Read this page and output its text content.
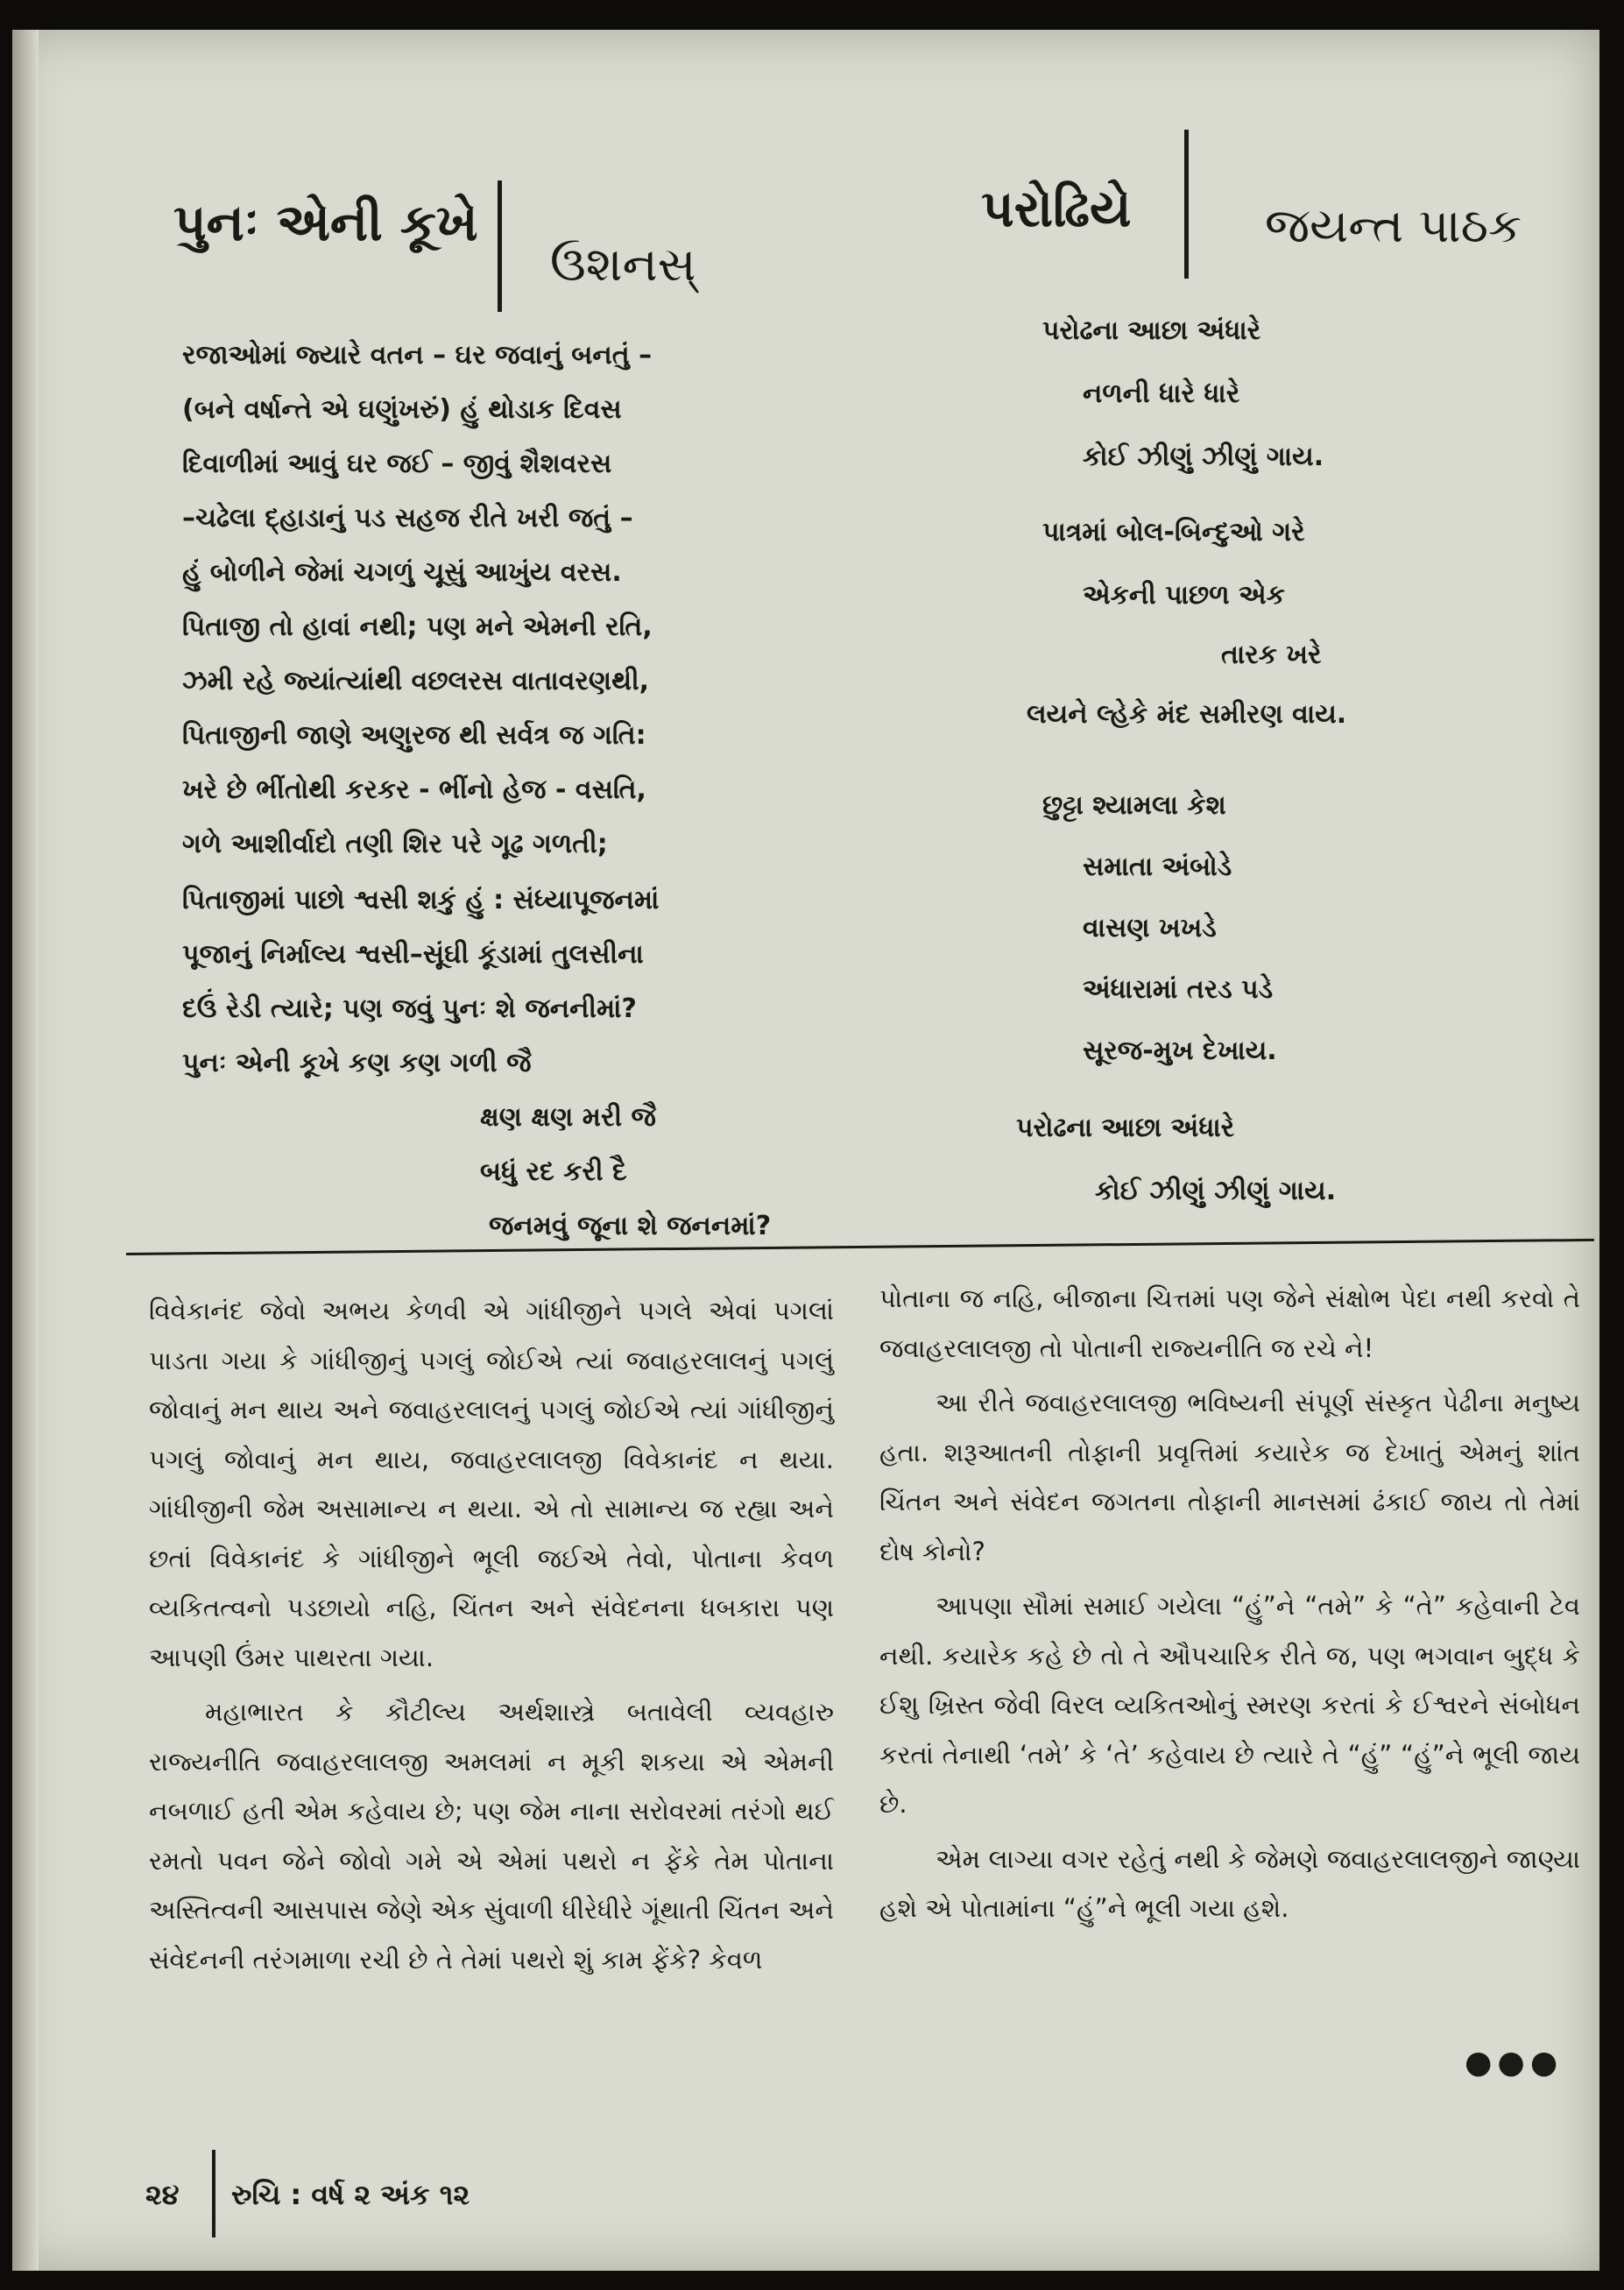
પુનઃ એની કૂખે
ઉશનસ્
પરોઢિયે	જયન્ત પાઠક
રજાઓમાં જ્યારે વતન – ઘર જવાનું બનતું –
(બને વર્ષાન્તે એ ઘણુંખરું) હું થોડાક દિવસ
દિવાળીમાં આવું ઘર જઈ – જીવું શૈશવરસ
–ચઢેલા દ્હાડાનું પડ સહજ રીતે ખરી જતું –
હું બોળીને જેમાં ચગળું ચૂસું આખુંય વરસ.
પિતાજી તો હાવાં નથી; પણ મને એમની રતિ,
ઝમી રહે જ્યાંત્યાંથી વછલરસ વાતાવરણથી,
પિતાજીની જાણે અણુરજ થી સર્વત્ર જ ગતિ:
ખરે છે ભીંતોથી કરકર - ભીંનો હેજ - વસતિ,
ગળે આશીર્વાદો તણી શિર પરે ગૂઢ ગળતી;
પિતાજીમાં પાછો શ્વસી શકું હું : સંધ્યાપૂજનમાં
પૂજાનું નિર્માલ્ય શ્વસી–સૂંઘી કૂંડામાં તુલસીના
દઉં રેડી ત્યારે; પણ જવું પુનઃ શે જનનીમાં?
પુનઃ એની કૂખે કણ કણ ગળી જૈ
ક્ષણ ક્ષણ મરી જૈ
બધું રદ કરી દૈ
જનમવું જૂના શે જનનમાં?
પરોઢના આછા અંધારે
નળની ધારે ધારે
કોઈ ઝીણું ઝીણું ગાય.
પાત્રમાં બોલ-બિન્દુઓ ગરે
એકની પાછળ એક
તારક ખરે
લયને લ્હેકે મંદ સમીરણ વાય.
છુટ્ટા શ્યામલા કેશ
સમાતા અંબોડે
વાસણ ખખડે
અંધારામાં તરડ પડે
સૂરજ-મુખ દેખાય.
પરોઢના આછા અંધારે
કોઈ ઝીણું ઝીણું ગાય.

વિવેકાનંદ જેવો અભય કેળવી એ ગાંધીજીને પગલે એવાં પગલાં પાડતા ગયા કે ગાંધીજીનું પગલું જોઈએ ત્યાં જવાહરલાલનું પગલું જોવાનું મન થાય અને જવાહરલાલનું પગલું જોઈએ ત્યાં ગાંધીજીનું પગલું જોવાનું મન થાય, જવાહરલાલજી વિવેકાનંદ ન થયા. ગાંધીજીની જેમ અસામાન્ય ન થયા. એ તો સામાન્ય જ રહ્યા અને છતાં વિવેકાનંદ કે ગાંધીજીને ભૂલી જઈએ તેવો, પોતાના કેવળ વ્યકિતત્વનો પડછાયો નહિ, ચિંતન અને સંવેદનના ધબકારા પણ આપણી ઉંમર પાથરતા ગયા.

મહાભારત કે કૌટીલ્ય અર્થશાસ્ત્રે બતાવેલી વ્યવહારુ રાજ્યનીતિ જવાહરલાલજી અમલમાં ન મૂકી શકયા એ એમની નબળાઈ હતી એમ કહેવાય છે; પણ જેમ નાના સરોવરમાં તરંગો થઈ રમતો પવન જેને જોવો ગમે એ એમાં પથરો ન ફેંકે તેમ પોતાના અસ્તિત્વની આસપાસ જેણે એક સુંવાળી ધીરેધીરે ગૂંથાતી ચિંતન અને સંવેદનની તરંગમાળા રચી છે તે તેમાં પથરો શું કામ ફેંકે? કેવળ

પોતાના જ નહિ, બીજાના ચિત્તમાં પણ જેને સંક્ષોભ પેદા નથી કરવો તે જવાહરલાલજી તો પોતાની રાજ્યનીતિ જ રચે ને!

આ રીતે જવાહરલાલજી ભવિષ્યની સંપૂર્ણ સંસ્કૃત પેઢીના મનુષ્ય હતા. શરૂઆતની તોફાની પ્રવૃત્તિમાં કયારેક જ દેખાતું એમનું શાંત ચિંતન અને સંવેદન જગતના તોફાની માનસમાં ઢંકાઈ જાય તો તેમાં દોષ કોનો?

આપણા સૌમાં સમાઈ ગયેલા “હું”ને “તમે” કે “તે” કહેવાની ટેવ નથી. કયારેક કહે છે તો તે ઔપચારિક રીતે જ, પણ ભગવાન બુદ્ધ કે ઈશુ ખ્રિસ્ત જેવી વિરલ વ્યકિતઓનું સ્મરણ કરતાં કે ઈશ્વરને સંબોધન કરતાં તેનાથી ‘તમે’ કે ‘તે’ કહેવાય છે ત્યારે તે “હું” “હું”ને ભૂલી જાય છે.

એમ લાગ્યા વગર રહેતું નથી કે જેમણે જવાહરલાલજીને જાણ્યા હશે એ પોતામાંના “હું”ને ભૂલી ગયા હશે.

●●●
૨૪ રુચિ : વર્ષ ૨ અંક ૧૨
